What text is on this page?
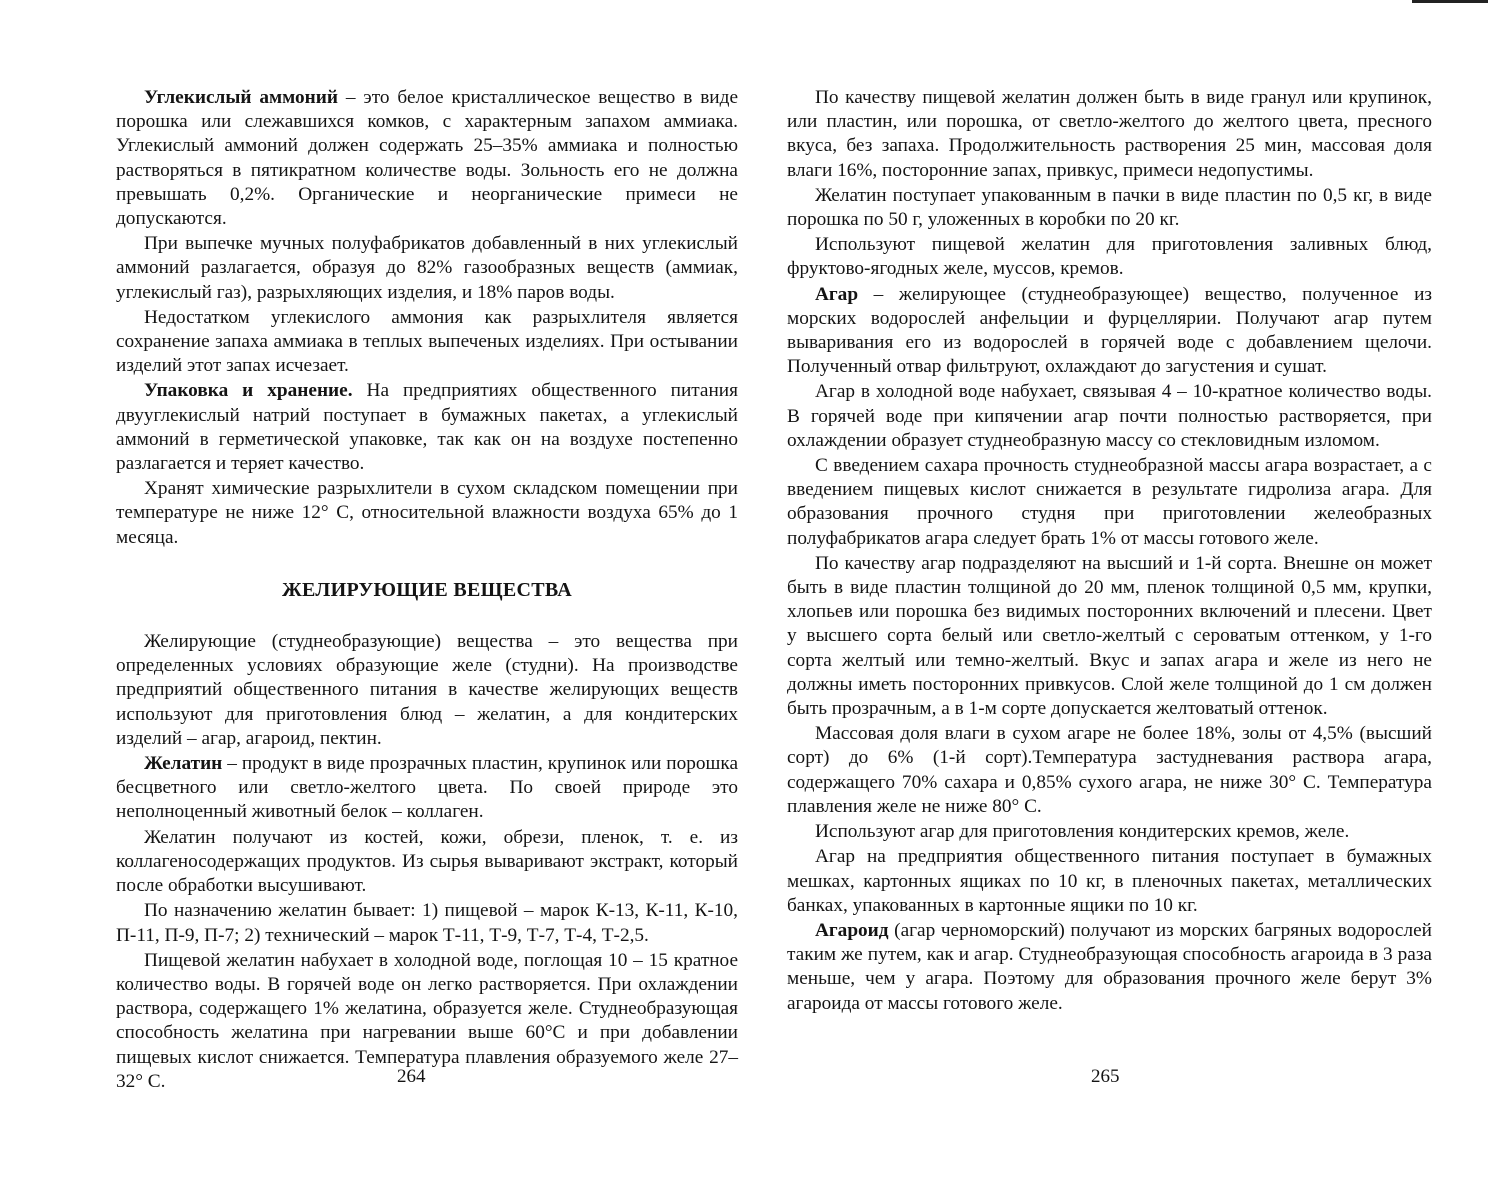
Углекислый аммоний – это белое кристаллическое вещество в виде порошка или слежавшихся комков, с характерным запахом аммиака. Углекислый аммоний должен содержать 25–35% аммиака и полностью растворяться в пятикратном количестве воды. Зольность его не должна превышать 0,2%. Органические и неорганические примеси не допускаются.

При выпечке мучных полуфабрикатов добавленный в них углекислый аммоний разлагается, образуя до 82% газообразных веществ (аммиак, углекислый газ), разрыхляющих изделия, и 18% паров воды.

Недостатком углекислого аммония как разрыхлителя является сохранение запаха аммиака в теплых выпеченых изделиях. При остывании изделий этот запах исчезает.

Упаковка и хранение. На предприятиях общественного питания двууглекислый натрий поступает в бумажных пакетах, а углекислый аммоний в герметической упаковке, так как он на воздухе постепенно разлагается и теряет качество.

Хранят химические разрыхлители в сухом складском помещении при температуре не ниже 12° С, относительной влажности воздуха 65% до 1 месяца.

ЖЕЛИРУЮЩИЕ ВЕЩЕСТВА

Желирующие (студнеобразующие) вещества – это вещества при определенных условиях образующие желе (студни). На производстве предприятий общественного питания в качестве желирующих веществ используют для приготовления блюд – желатин, а для кондитерских изделий – агар, агароид, пектин.

Желатин – продукт в виде прозрачных пластин, крупинок или порошка бесцветного или светло-желтого цвета. По своей природе это неполноценный животный белок – коллаген.

Желатин получают из костей, кожи, обрези, пленок, т. е. из коллагеносодержащих продуктов. Из сырья вываривают экстракт, который после обработки высушивают.

По назначению желатин бывает: 1) пищевой – марок К-13, К-11, К-10, П-11, П-9, П-7; 2) технический – марок Т-11, Т-9, Т-7, Т-4, Т-2,5.

Пищевой желатин набухает в холодной воде, поглощая 10 – 15 кратное количество воды. В горячей воде он легко растворяется. При охлаждении раствора, содержащего 1% желатина, образуется желе. Студнеобразующая способность желатина при нагревании выше 60°С и при добавлении пищевых кислот снижается. Температура плавления образуемого желе 27–32° С.

По качеству пищевой желатин должен быть в виде гранул или крупинок, или пластин, или порошка, от светло-желтого до желтого цвета, пресного вкуса, без запаха. Продолжительность растворения 25 мин, массовая доля влаги 16%, посторонние запах, привкус, примеси недопустимы.

Желатин поступает упакованным в пачки в виде пластин по 0,5 кг, в виде порошка по 50 г, уложенных в коробки по 20 кг.

Используют пищевой желатин для приготовления заливных блюд, фруктово-ягодных желе, муссов, кремов.

Агар – желирующее (студнеобразующее) вещество, полученное из морских водорослей анфельции и фурцеллярии. Получают агар путем вываривания его из водорослей в горячей воде с добавлением щелочи. Полученный отвар фильтруют, охлаждают до загустения и сушат.

Агар в холодной воде набухает, связывая 4 – 10-кратное количество воды. В горячей воде при кипячении агар почти полностью растворяется, при охлаждении образует студнеобразную массу со стекловидным изломом.

С введением сахара прочность студнеобразной массы агара возрастает, а с введением пищевых кислот снижается в результате гидролиза агара. Для образования прочного студня при приготовлении желеобразных полуфабрикатов агара следует брать 1% от массы готового желе.

По качеству агар подразделяют на высший и 1-й сорта. Внешне он может быть в виде пластин толщиной до 20 мм, пленок толщиной 0,5 мм, крупки, хлопьев или порошка без видимых посторонних включений и плесени. Цвет у высшего сорта белый или светло-желтый с сероватым оттенком, у 1-го сорта желтый или темно-желтый. Вкус и запах агара и желе из него не должны иметь посторонних привкусов. Слой желе толщиной до 1 см должен быть прозрачным, а в 1-м сорте допускается желтоватый оттенок.

Массовая доля влаги в сухом агаре не более 18%, золы от 4,5% (высший сорт) до 6% (1-й сорт).Температура застудневания раствора агара, содержащего 70% сахара и 0,85% сухого агара, не ниже 30° С. Температура плавления желе не ниже 80° С.

Используют агар для приготовления кондитерских кремов, желе.

Агар на предприятия общественного питания поступает в бумажных мешках, картонных ящиках по 10 кг, в пленочных пакетах, металлических банках, упакованных в картонные ящики по 10 кг.

Агароид (агар черноморский) получают из морских багряных водорослей таким же путем, как и агар. Студнеобразующая способность агароида в 3 раза меньше, чем у агара. Поэтому для образования прочного желе берут 3% агароида от массы готового желе.

264	265
